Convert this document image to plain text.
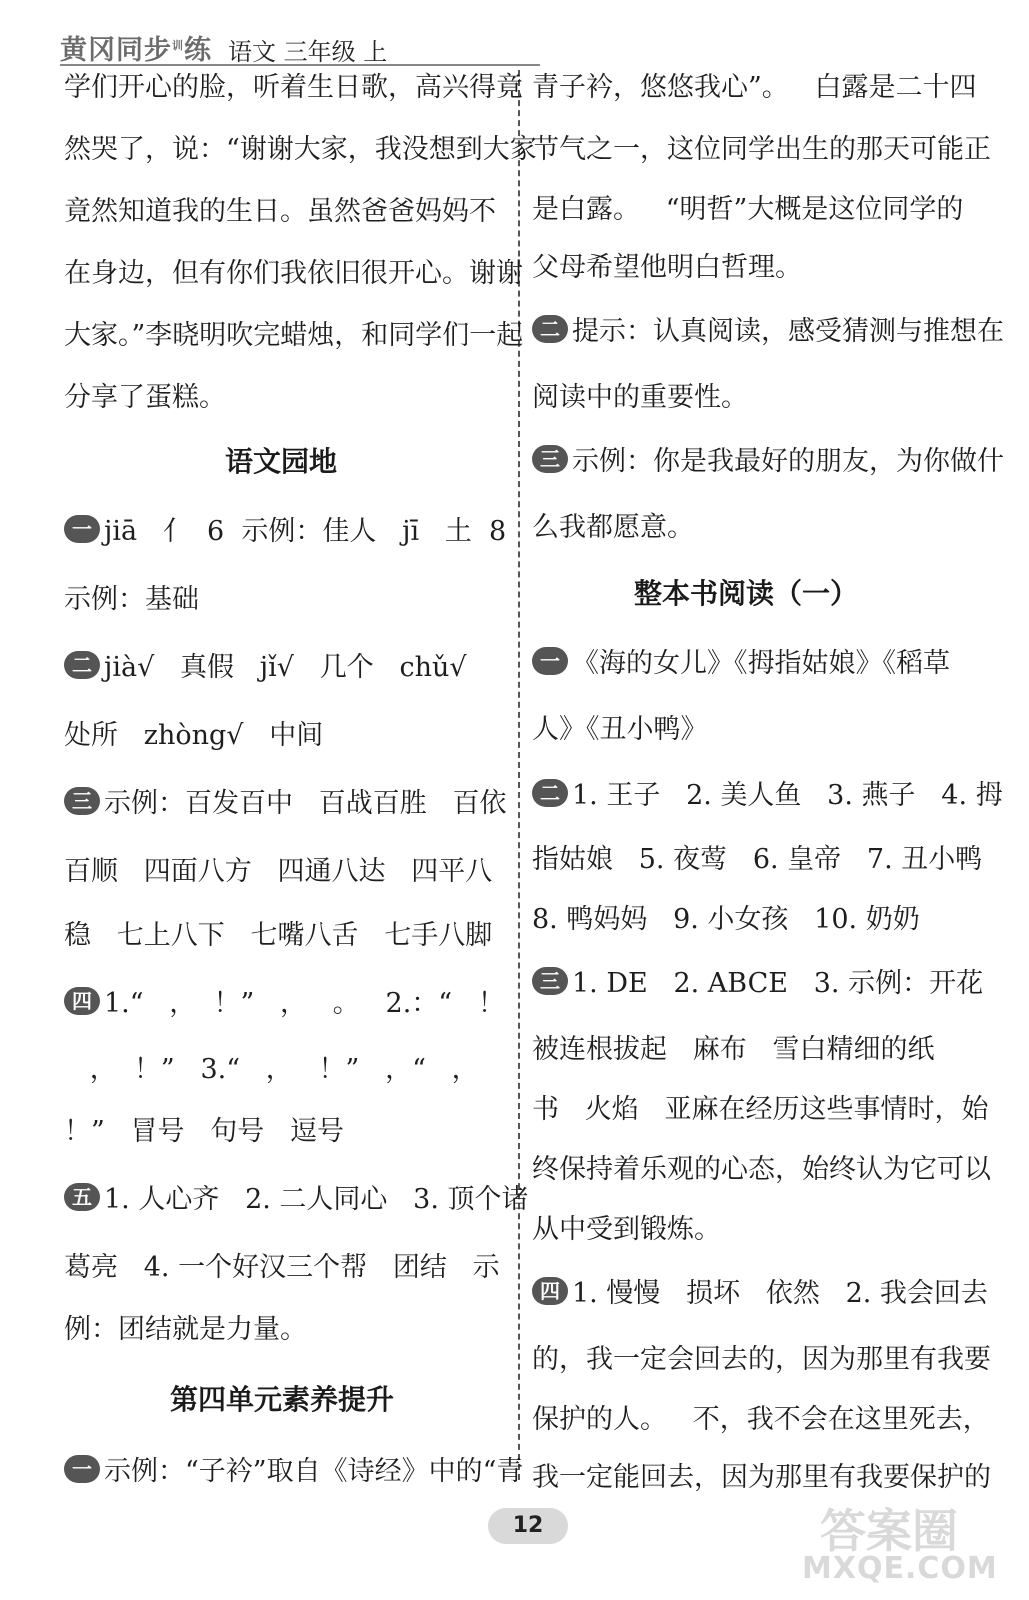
黄冈同步$^训$练 语文 三年级 上
学们开心的脸，听着生日歌，高兴得竟
然哭了，说：“谢谢大家，我没想到大家
竟然知道我的生日。虽然爸爸妈妈不
在身边，但有你们我依旧很开心。谢谢
大家。”李晓明吹完蜡烛，和同学们一起
分享了蛋糕。
语文园地
一 jiā   亻  6  示例：佳人   jī   土  8
示例：基础
二 jià√   真假   jǐ√   几个   chǔ√
处所   zhòng√   中间
三 示例：百发百中   百战百胜   百依
百顺   四面八方   四通八达   四平八
稳   七上八下   七嘴八舌   七手八脚
四 1.“   ，  ！”   ，   。   2.：“   ！
，  ！”   3.“   ，   ！”   ，“   ，
！”   冒号   句号   逗号
五 1. 人心齐   2. 二人同心   3. 顶个诸
葛亮   4. 一个好汉三个帮   团结   示
例：团结就是力量。
第四单元素养提升
一 示例：“子衿”取自《诗经》中的“青
青子衿，悠悠我心”。   白露是二十四
节气之一，这位同学出生的那天可能正
是白露。   “明哲”大概是这位同学的
父母希望他明白哲理。
二 提示：认真阅读，感受猜测与推想在
阅读中的重要性。
三 示例：你是我最好的朋友，为你做什
么我都愿意。
整本书阅读（一）
一 《海的女儿》《拇指姑娘》《稻草
人》《丑小鸭》
二 1. 王子   2. 美人鱼   3. 燕子   4. 拇
指姑娘   5. 夜莺   6. 皇帝   7. 丑小鸭
8. 鸭妈妈   9. 小女孩   10. 奶奶
三 1. DE   2. ABCE   3. 示例：开花
被连根拔起   麻布   雪白精细的纸
书   火焰   亚麻在经历这些事情时，始
终保持着乐观的心态，始终认为它可以
从中受到锻炼。
四 1. 慢慢   损坏   依然   2. 我会回去
的，我一定会回去的，因为那里有我要
保护的人。   不，我不会在这里死去，
我一定能回去，因为那里有我要保护的
12	答案圈
MXQE.COM
